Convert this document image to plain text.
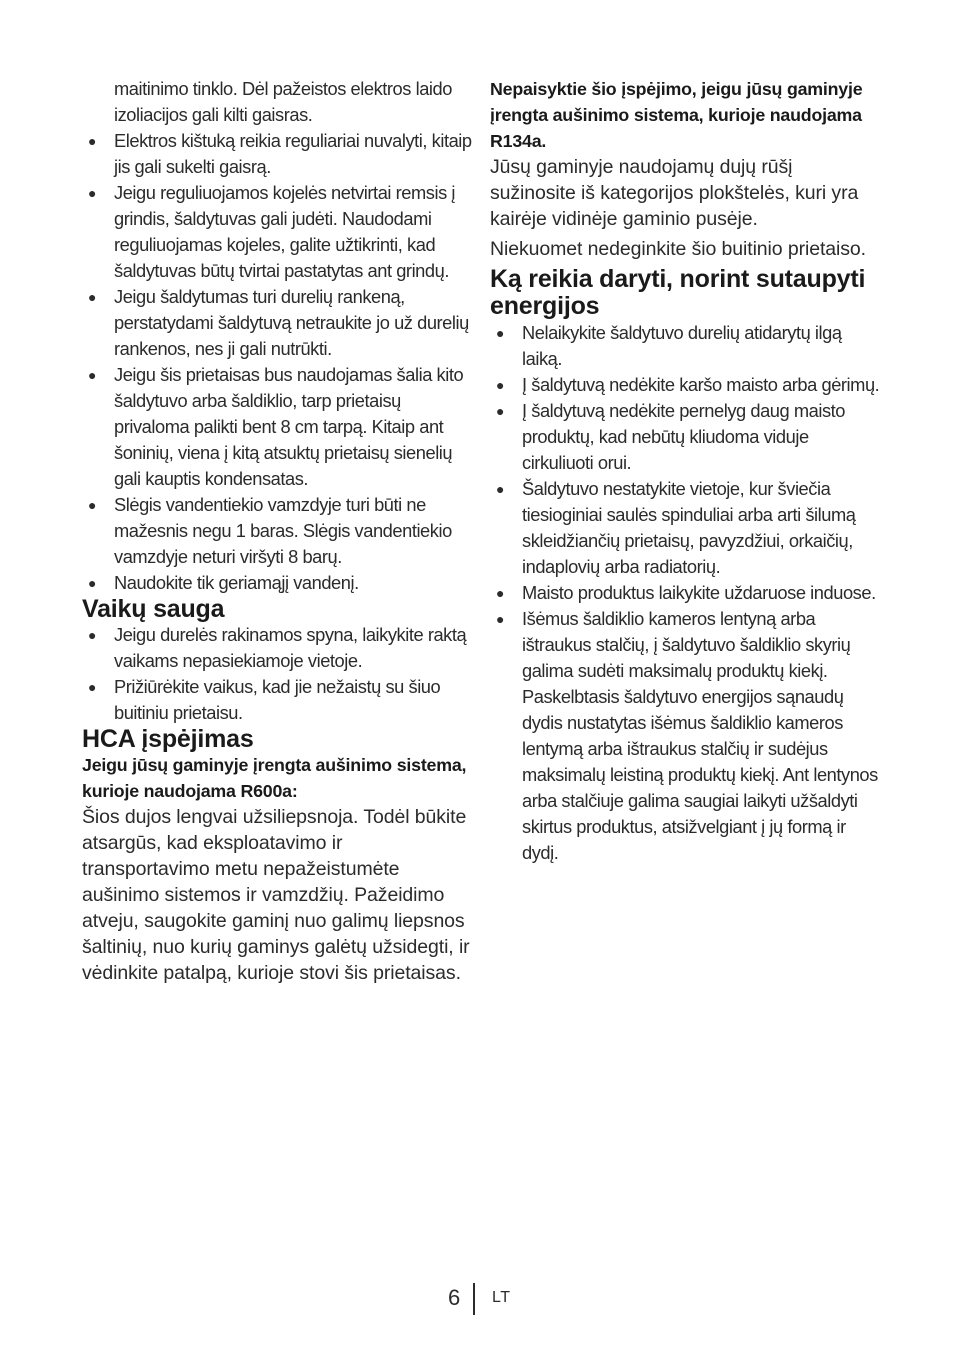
maitinimo tinklo. Dėl pažeistos elektros laido izoliacijos gali kilti gaisras.

● Elektros kištuką reikia reguliariai nuvalyti, kitaip jis gali sukelti gaisrą.
● Jeigu reguliuojamos kojelės netvirtai remsis į grindis, šaldytuvas gali judėti. Naudodami reguliuojamas kojeles, galite užtikrinti, kad šaldytuvas būtų tvirtai pastatytas ant grindų.
● Jeigu šaldytumas turi durelių rankeną, perstatydami šaldytuvą netraukite jo už durelių rankenos, nes ji gali nutrūkti.
● Jeigu šis prietaisas bus naudojamas šalia kito šaldytuvo arba šaldiklio, tarp prietaisų privaloma palikti bent 8 cm tarpą. Kitaip ant šoninių, viena į kitą atsuktų prietaisų sienelių gali kauptis kondensatas.
● Slėgis vandentiekio vamzdyje turi būti ne mažesnis negu 1 baras. Slėgis vandentiekio vamzdyje neturi viršyti 8 barų.
● Naudokite tik geriamąjį vandenį.
Vaikų sauga
● Jeigu durelės rakinamos spyna, laikykite raktą vaikams nepasiekiamoje vietoje.
● Prižiūrėkite vaikus, kad jie nežaistų su šiuo buitiniu prietaisu.
HCA įspėjimas

Jeigu jūsų gaminyje įrengta aušinimo sistema, kurioje naudojama R600a:

Šios dujos lengvai užsiliepsnoja. Todėl būkite atsargūs, kad eksploatavimo ir transportavimo metu nepažeistumėte aušinimo sistemos ir vamzdžių. Pažeidimo atveju, saugokite gaminį nuo galimų liepsnos šaltinių, nuo kurių gaminys galėtų užsidegti, ir vėdinkite patalpą, kurioje stovi šis prietaisas.

Nepaisyktie šio įspėjimo, jeigu jūsų gaminyje įrengta aušinimo sistema, kurioje naudojama R134a.

Jūsų gaminyje naudojamų dujų rūšį sužinosite iš kategorijos plokštelės, kuri yra kairėje vidinėje gaminio pusėje.

Niekuomet nedeginkite šio buitinio prietaiso.

Ką reikia daryti, norint sutaupyti energijos
● Nelaikykite šaldytuvo durelių atidarytų ilgą laiką.
● Į šaldytuvą nedėkite karšo maisto arba gėrimų.
● Į šaldytuvą nedėkite pernelyg daug maisto produktų, kad nebūtų kliudoma viduje cirkuliuoti orui.
● Šaldytuvo nestatykite vietoje, kur šviečia tiesioginiai saulės spinduliai arba arti šilumą skleidžiančių prietaisų, pavyzdžiui, orkaičių, indaplovių arba radiatorių.
● Maisto produktus laikykite uždaruose induose.
● Išėmus šaldiklio kameros lentyną arba ištraukus stalčių, į šaldytuvo šaldiklio skyrių galima sudėti maksimalų produktų kiekį. Paskelbtasis šaldytuvo energijos sąnaudų dydis nustatytas išėmus šaldiklio kameros lentymą arba ištraukus stalčių ir sudėjus maksimalų leistiną produktų kiekį. Ant lentynos arba stalčiuje galima saugiai laikyti užšaldyti skirtus produktus, atsižvelgiant į jų formą ir dydį.
6 LT
